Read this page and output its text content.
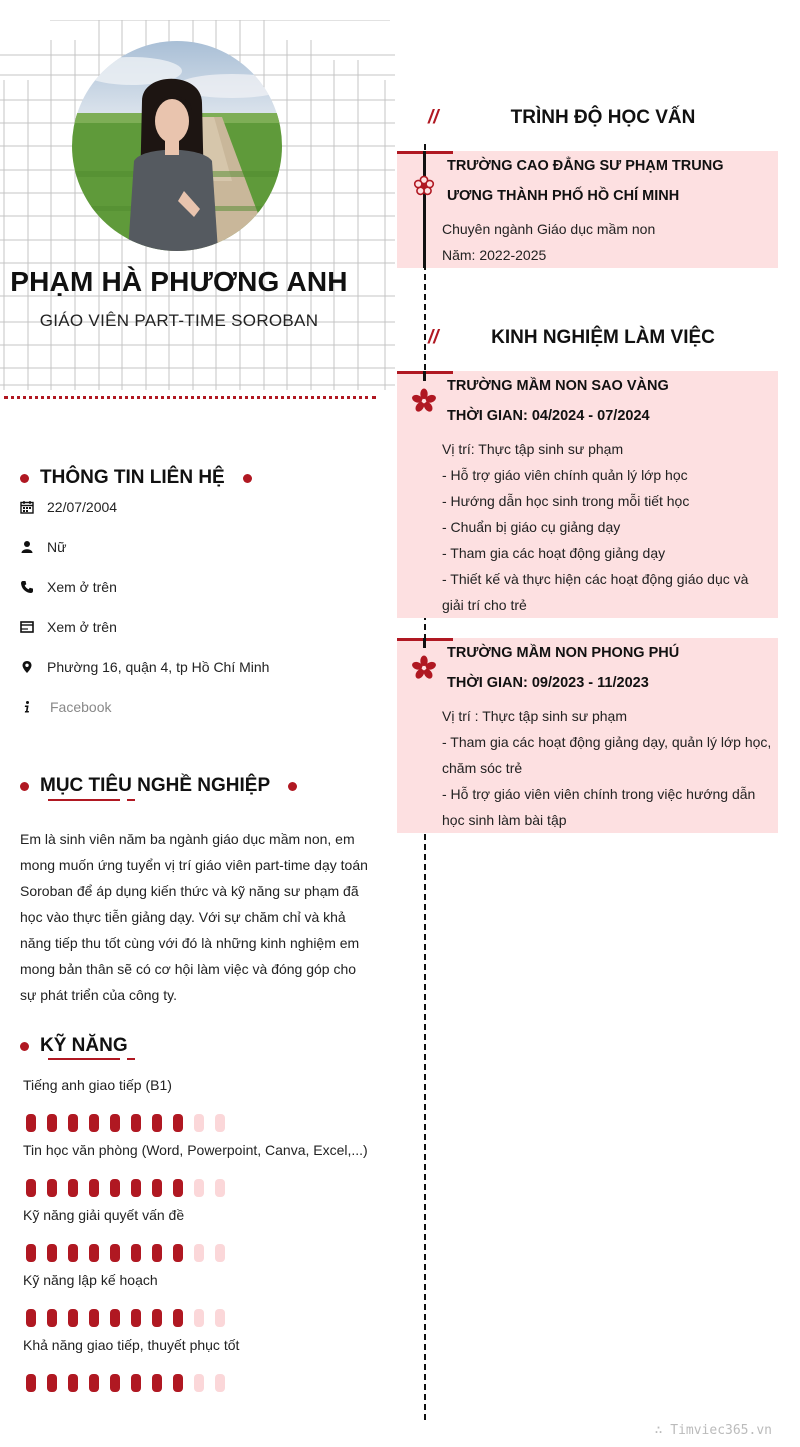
PHẠM HÀ PHƯƠNG ANH
GIÁO VIÊN PART-TIME SOROBAN
THÔNG TIN LIÊN HỆ
22/07/2004
Nữ
Xem ở trên
Xem ở trên
Phường 16, quận 4, tp Hồ Chí Minh
Facebook
MỤC TIÊU NGHỀ NGHIỆP
Em là sinh viên năm ba ngành giáo dục mầm non, em mong muốn ứng tuyển vị trí giáo viên part-time dạy toán Soroban để áp dụng kiến thức và kỹ năng sư phạm đã học vào thực tiễn giảng dạy. Với sự chăm chỉ và khả năng tiếp thu tốt cùng với đó là những kinh nghiệm em mong bản thân sẽ có cơ hội làm việc và đóng góp cho sự phát triển của công ty.
KỸ NĂNG
Tiếng anh giao tiếp (B1)
Tin học văn phòng (Word, Powerpoint, Canva, Excel,...)
Kỹ năng giải quyết vấn đề
Kỹ năng lập kế hoạch
Khả năng giao tiếp, thuyết phục tốt
//	TRÌNH ĐỘ HỌC VẤN
TRƯỜNG CAO ĐẲNG SƯ PHẠM TRUNG
ƯƠNG THÀNH PHỐ HỒ CHÍ MINH
Chuyên ngành Giáo dục mầm non
Năm: 2022-2025
//	KINH NGHIỆM LÀM VIỆC
TRƯỜNG MẦM NON SAO VÀNG
THỜI GIAN: 04/2024 - 07/2024
Vị trí: Thực tập sinh sư phạm
- Hỗ trợ giáo viên chính quản lý lớp học
- Hướng dẫn học sinh trong mỗi tiết học
- Chuẩn bị giáo cụ giảng dạy
- Tham gia các hoạt động giảng dạy
- Thiết kế và thực hiện các hoạt động giáo dục và giải trí cho trẻ
TRƯỜNG MẦM NON PHONG PHÚ
THỜI GIAN: 09/2023 - 11/2023
Vị trí : Thực tập sinh sư phạm
- Tham gia các hoạt động giảng dạy, quản lý lớp học, chăm sóc trẻ
- Hỗ trợ giáo viên viên chính trong việc hướng dẫn học sinh làm bài tập
∴ Timviec365.vn
